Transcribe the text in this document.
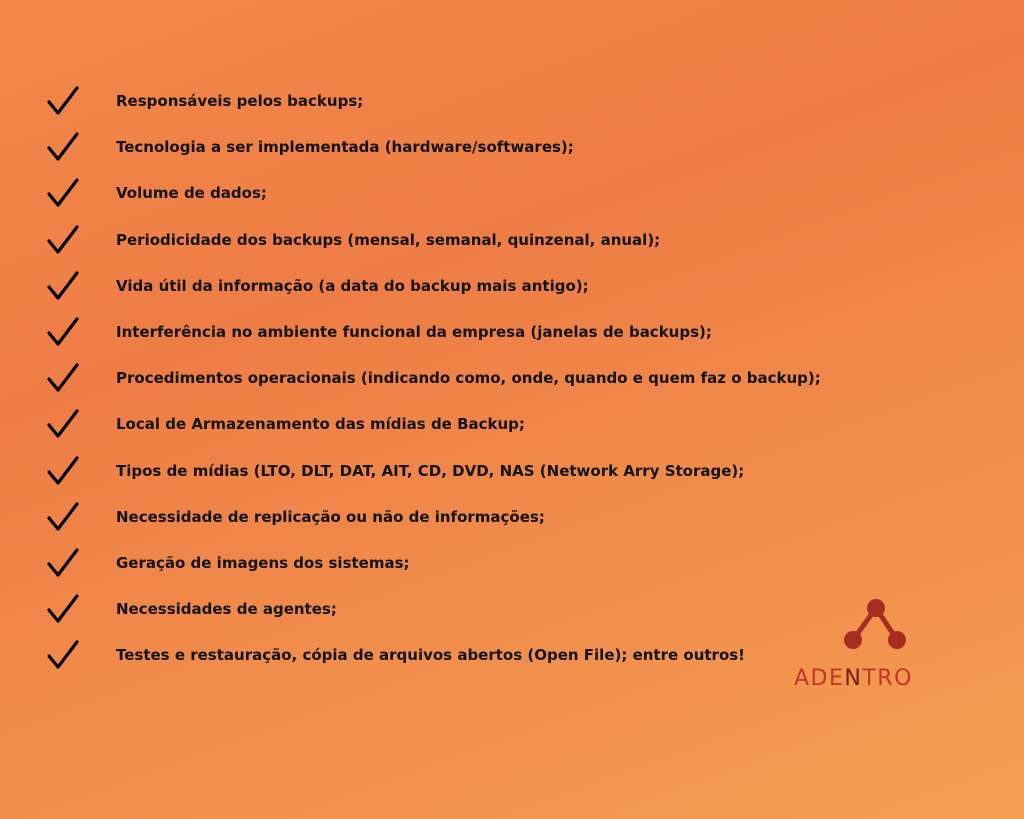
Responsáveis pelos backups;
Tecnologia a ser implementada (hardware/softwares);
Volume de dados;
Periodicidade dos backups (mensal, semanal, quinzenal, anual);
Vida útil da informação (a data do backup mais antigo);
Interferência no ambiente funcional da empresa (janelas de backups);
Procedimentos operacionais (indicando como, onde, quando e quem faz o backup);
Local de Armazenamento das mídias de Backup;
Tipos de mídias (LTO, DLT, DAT, AIT, CD, DVD, NAS (Network Arry Storage);
Necessidade de replicação ou não de informações;
Geração de imagens dos sistemas;
Necessidades de agentes;
Testes e restauração, cópia de arquivos abertos (Open File); entre outros!
ADENTRO
